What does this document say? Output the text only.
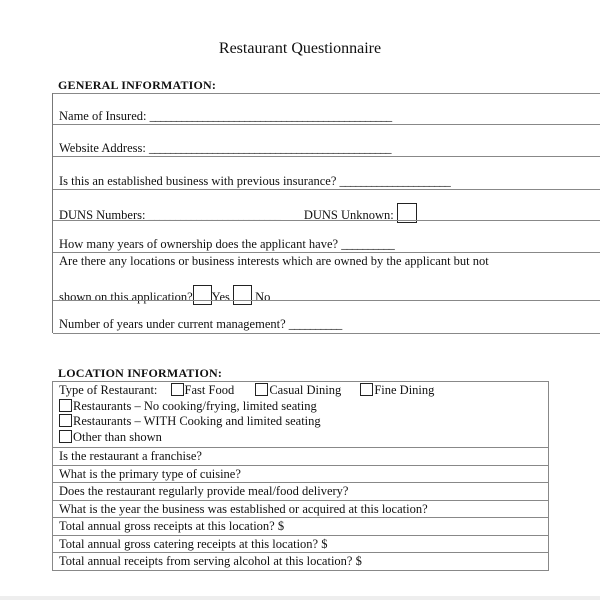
Restaurant Questionnaire
GENERAL INFORMATION:
Name of Insured: ______________________________________________
Website Address: ______________________________________________
Is this an established business with previous insurance? _____________________
DUNS Numbers: _________________________ DUNS Unknown:
How many years of ownership does the applicant have? __________
Are there any locations or business interests which are owned by the applicant but not
shown on this application? Yes No
Number of years under current management? __________
LOCATION INFORMATION:
Type of Restaurant: Fast Food	Casual Dining	Fine Dining
Restaurants – No cooking/frying, limited seating
Restaurants – WITH Cooking and limited seating
Other than shown
Is the restaurant a franchise?
What is the primary type of cuisine?
Does the restaurant regularly provide meal/food delivery?
What is the year the business was established or acquired at this location?
Total annual gross receipts at this location? $
Total annual gross catering receipts at this location? $
Total annual receipts from serving alcohol at this location? $
